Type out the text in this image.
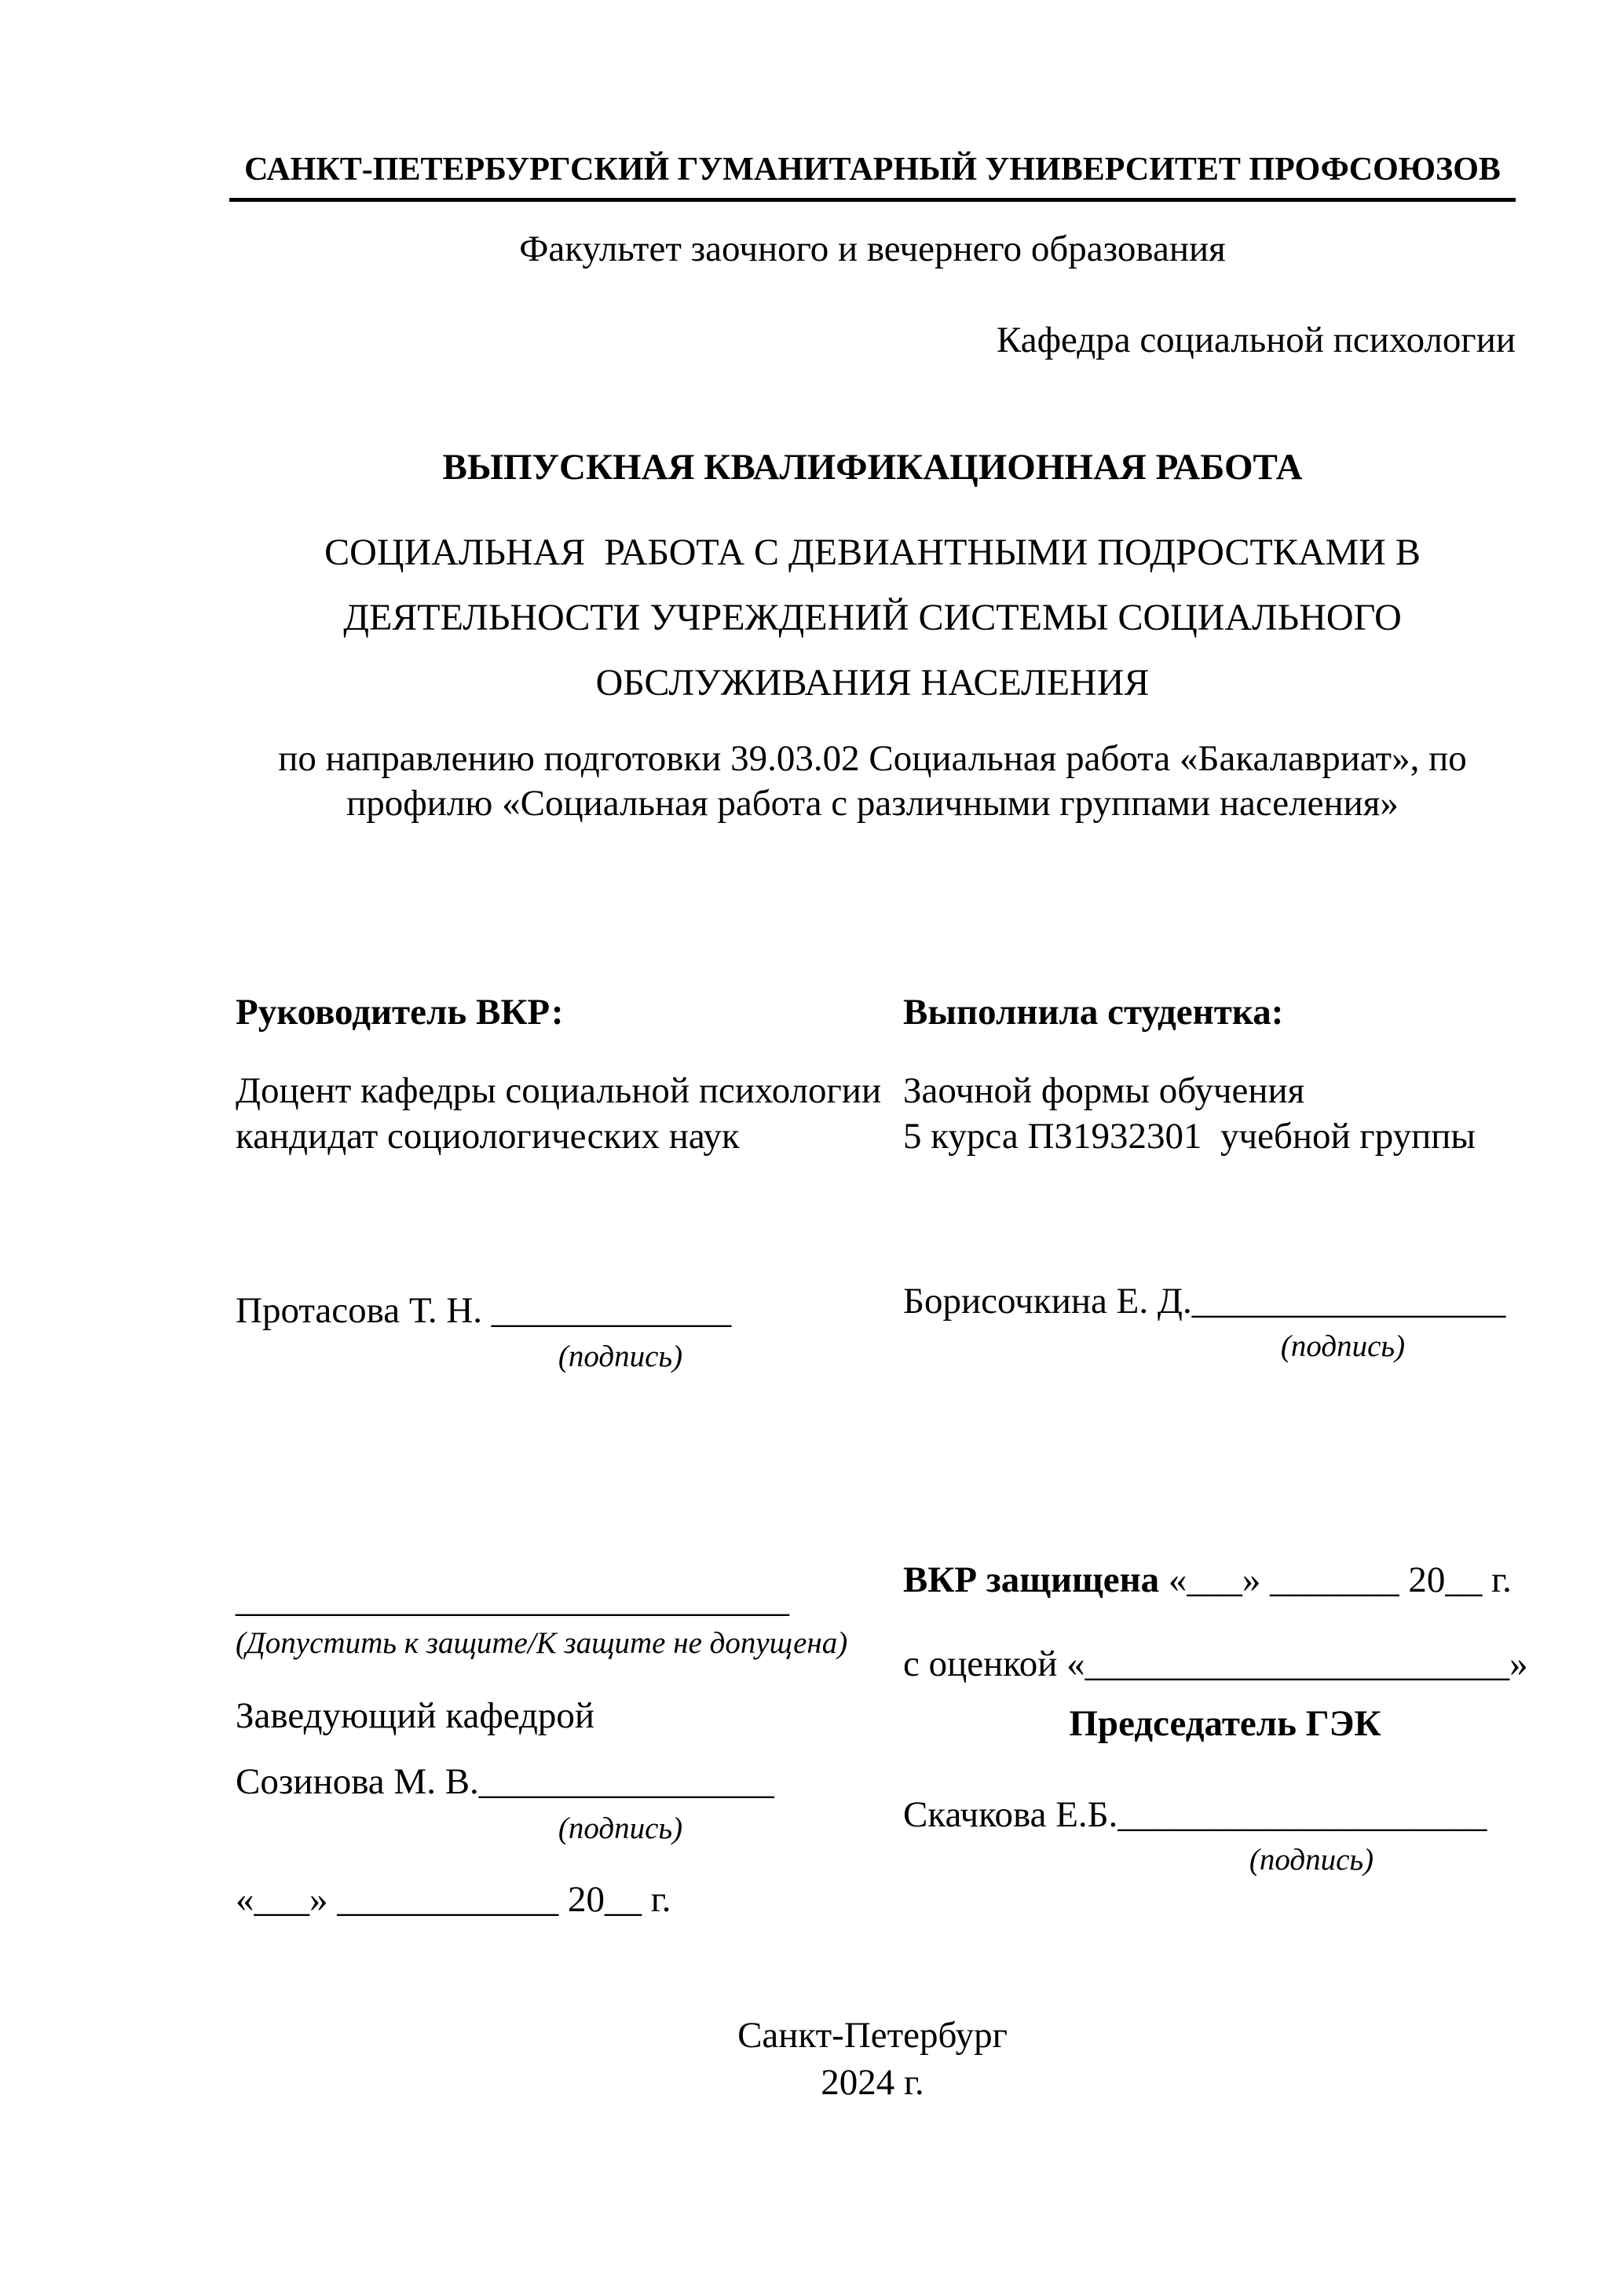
САНКТ-ПЕТЕРБУРГСКИЙ ГУМАНИТАРНЫЙ УНИВЕРСИТЕТ ПРОФСОЮЗОВ

Факультет заочного и вечернего образования

Кафедра социальной психологии

ВЫПУСКНАЯ КВАЛИФИКАЦИОННАЯ РАБОТА

СОЦИАЛЬНАЯ  РАБОТА С ДЕВИАНТНЫМИ ПОДРОСТКАМИ В
ДЕЯТЕЛЬНОСТИ УЧРЕЖДЕНИЙ СИСТЕМЫ СОЦИАЛЬНОГО
ОБСЛУЖИВАНИЯ НАСЕЛЕНИЯ

по направлению подготовки 39.03.02 Социальная работа «Бакалавриат», по
профилю «Социальная работа с различными группами населения»

Руководитель ВКР:

	Выполнила студентка:

Доцент кафедры социальной психологии
кандидат социологических наук

Заочной формы обучения
5 курса ПЗ1932301  учебной группы

Протасова Т. Н. _____________

(подпись)

Борисочкина Е. Д._________________

(подпись)

ВКР защищена «___» _______ 20__ г.

______________________________

(Допустить к защите/К защите не допущена)

с оценкой «_______________________»

Заведующий кафедрой

	Председатель ГЭК

Созинова М. В.________________

(подпись)

	Скачкова Е.Б.____________________

(подпись)

«___» ____________ 20__ г.

Санкт-Петербург
2024 г.
